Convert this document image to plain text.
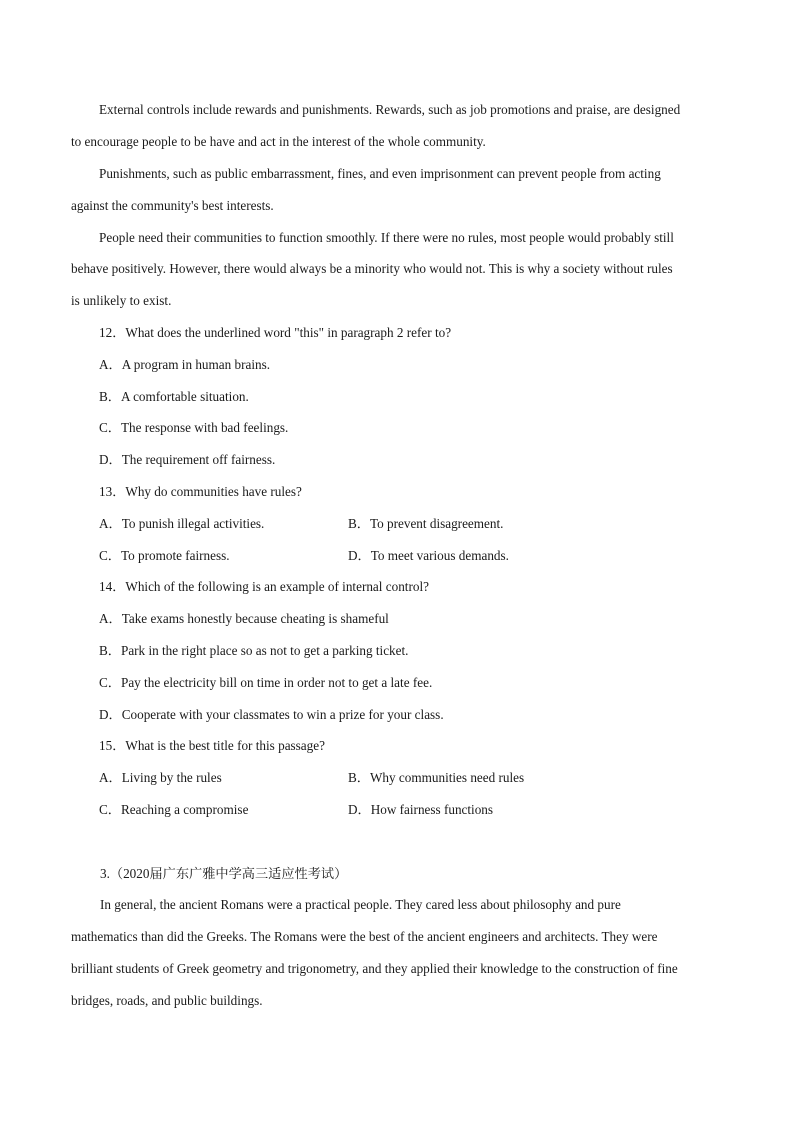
External controls include rewards and punishments. Rewards, such as job promotions and praise, are designed
to encourage people to be have and act in the interest of the whole community.
Punishments, such as public embarrassment, fines, and even imprisonment can prevent people from acting
against the community's best interests.
People need their communities to function smoothly. If there were no rules, most people would probably still
behave positively. However, there would always be a minority who would not. This is why a society without rules
is unlikely to exist.
12．What does the underlined word "this" in paragraph 2 refer to?
A．A program in human brains.
B．A comfortable situation.
C．The response with bad feelings.
D．The requirement off fairness.
13．Why do communities have rules?
A．To punish illegal activities.	B．To prevent disagreement.
C．To promote fairness.	D．To meet various demands.
14．Which of the following is an example of internal control?
A．Take exams honestly because cheating is shameful
B．Park in the right place so as not to get a parking ticket.
C．Pay the electricity bill on time in order not to get a late fee.
D．Cooperate with your classmates to win a prize for your class.
15．What is the best title for this passage?
A．Living by the rules	B．Why communities need rules
C．Reaching a compromise	D．How fairness functions
3.（2020届广东广雅中学高三适应性考试）
In general, the ancient Romans were a practical people. They cared less about philosophy and pure
mathematics than did the Greeks. The Romans were the best of the ancient engineers and architects. They were
brilliant students of Greek geometry and trigonometry, and they applied their knowledge to the construction of fine
bridges, roads, and public buildings.
